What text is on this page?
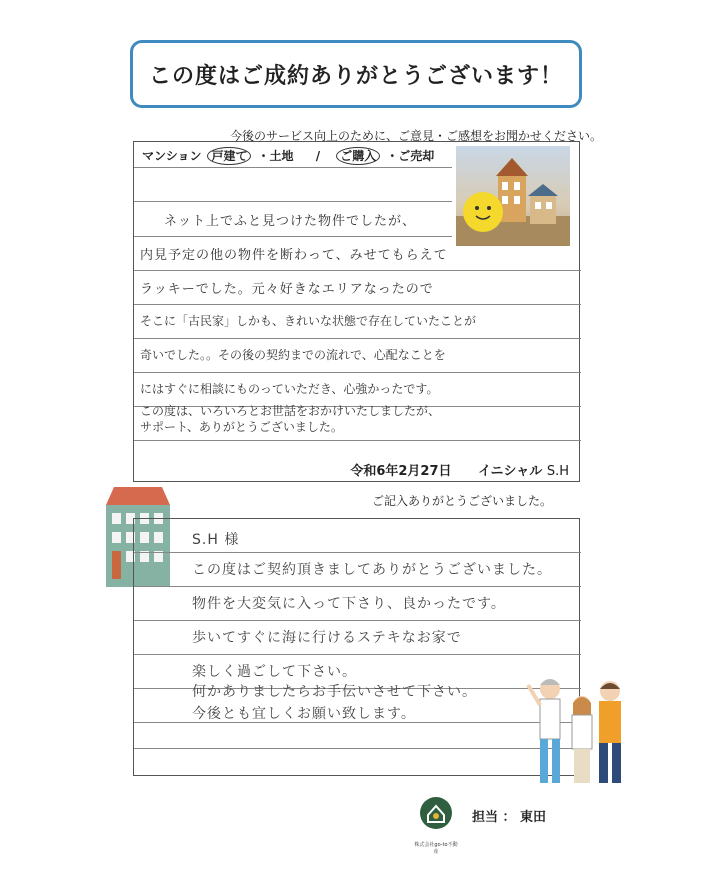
この度はご成約ありがとうございます！
今後のサービス向上のために、ご意見・ご感想をお聞かせください。
マンション 戸建て ・土地 / ご購入 ・ご売却
ネット上でふと見つけた物件でしたが、
内見予定の他の物件を断わって、みせてもらえて
ラッキーでした。元々好きなエリアなったので
そこに「古民家」しかも、きれいな状態で存在していたことが
奇いでした。。その後の契約までの流れで、心配なことを
にはすぐに相談にものっていただき、心強かったです。
この度は、いろいろとお世話をおかけいたしましたが、
サポート、ありがとうございました。
令和6年2月27日 イニシャル S.H
ご記入ありがとうございました。
S.H 様
この度はご契約頂きましてありがとうございました。
物件を大変気に入って下さり、良かったです。
歩いてすぐに海に行けるステキなお家で
楽しく過ごして下さい。
何かありましたらお手伝いさせて下さい。
今後とも宜しくお願い致します。
株式会社go-to不動産
担当 ： 東田
